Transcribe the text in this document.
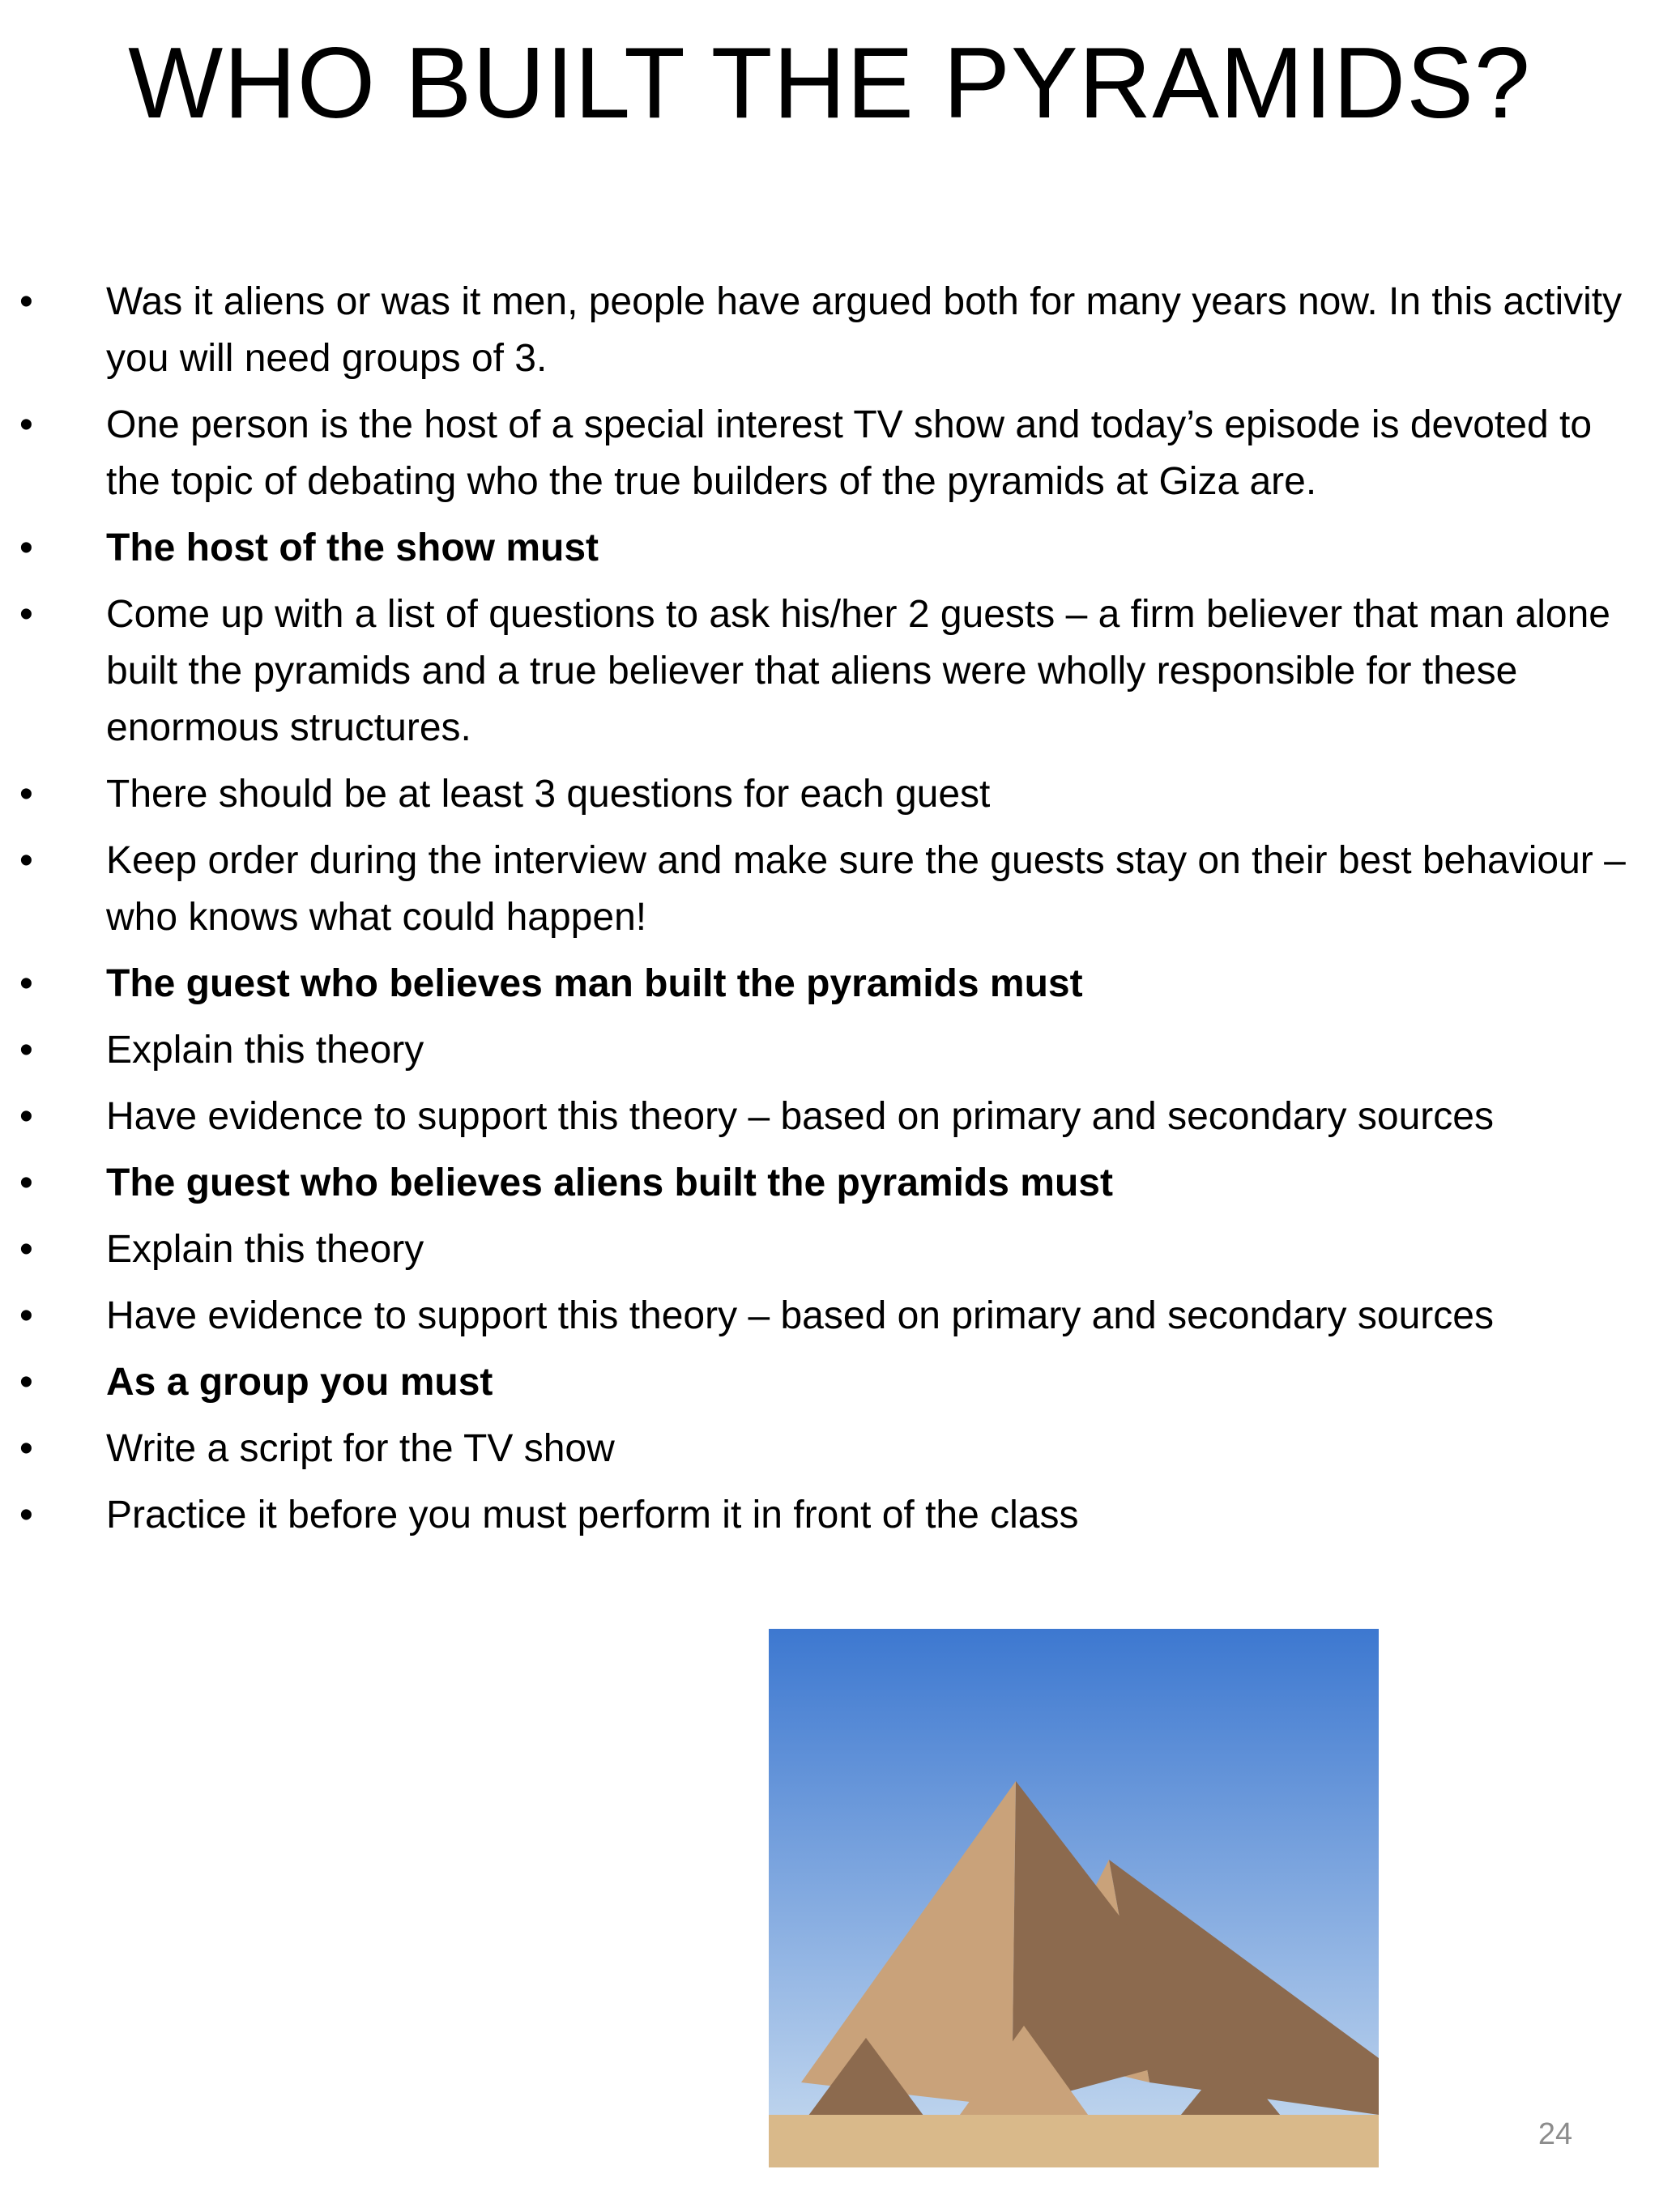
WHO BUILT THE PYRAMIDS?
• Was it aliens or was it men, people have argued both for many years now. In this activity you will need groups of 3.
• One person is the host of a special interest TV show and today’s episode is devoted to the topic of debating who the true builders of the pyramids at Giza are.
• The host of the show must
• Come up with a list of questions to ask his/her 2 guests – a firm believer that man alone built the pyramids and a true believer that aliens were wholly responsible for these enormous structures.
• There should be at least 3 questions for each guest
• Keep order during the interview and make sure the guests stay on their best behaviour – who knows what could happen!
• The guest who believes man built the pyramids must
• Explain this theory
• Have evidence to support this theory – based on primary and secondary sources
• The guest who believes aliens built the pyramids must
• Explain this theory
• Have evidence to support this theory – based on primary and secondary sources
• As a group you must
• Write a script for the TV show
• Practice it before you must perform it in front of the class
24
